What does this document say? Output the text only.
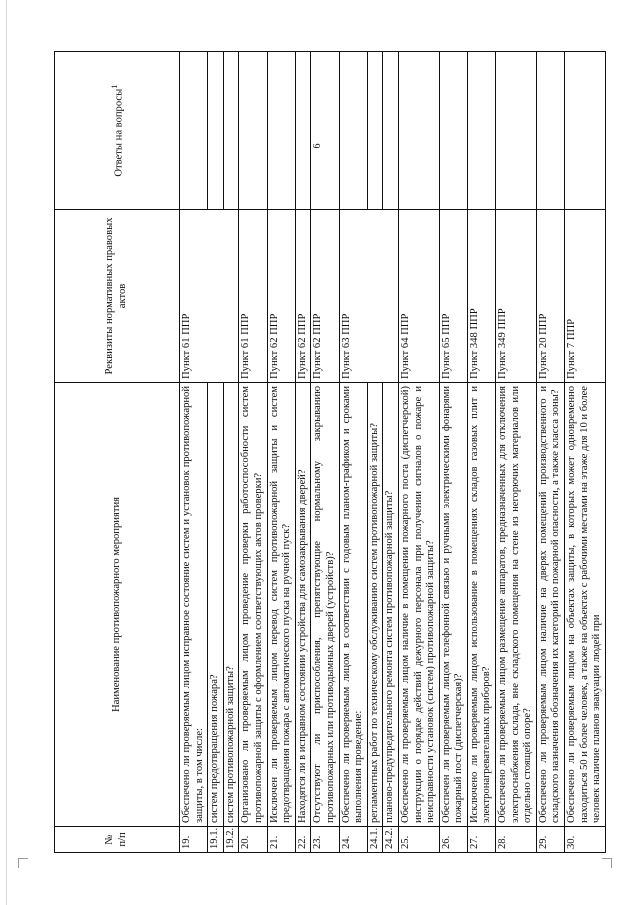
6
№ п/п	Наименование противопожарного мероприятия	Реквизиты нормативных правовых актов	Ответы на вопросы$^1$
19.	Обеспечено ли проверяемым лицом исправное состояние систем и установок противопожарной защиты, в том числе:	Пункт 61 ППР	
19.1.	систем предотвращения пожара?		
19.2.	систем противопожарной защиты?		
20.	Организовано ли проверяемым лицом проведение проверки работоспособности систем противопожарной защиты с оформлением соответствующих актов проверки?	Пункт 61 ППР	
21.	Исключен ли проверяемым лицом перевод систем противопожарной защиты и систем предотвращения пожара с автоматического пуска на ручной пуск?	Пункт 62 ППР	
22.	Находятся ли в исправном состоянии устройства для самозакрывания дверей?	Пункт 62 ППР	
23.	Отсутствуют ли приспособления, препятствующие нормальному закрыванию противопожарных или противодымных дверей (устройств)?	Пункт 62 ППР	
24.	Обеспечено ли проверяемым лицом в соответствии с годовым планом-графиком и сроками выполнения проведение:	Пункт 63 ППР	
24.1.	регламентных работ по техническому обслуживанию систем противопожарной защиты?		
24.2.	планово-предупредительного ремонта систем противопожарной защиты?		
25.	Обеспечено ли проверяемым лицом наличие в помещении пожарного поста (диспетчерской) инструкции о порядке действий дежурного персонала при получении сигналов о пожаре и неисправности установок (систем) противопожарной защиты?	Пункт 64 ППР	
26.	Обеспечен ли проверяемым лицом телефонной связью и ручными электрическими фонарями пожарный пост (диспетчерская)?	Пункт 65 ППР	
27.	Исключено ли проверяемым лицом использование в помещениях складов газовых плит и электронагревательных приборов?	Пункт 348 ППР	
28.	Обеспечено ли проверяемым лицом размещение аппаратов, предназначенных для отключения электроснабжения склада, вне складского помещения на стене из негорючих материалов или отдельно стоящей опоре?	Пункт 349 ППР	
29.	Обеспечено ли проверяемым лицом наличие на дверях помещений производственного и складского назначения обозначения их категорий по пожарной опасности, а также класса зоны?	Пункт 20 ППР	
30.	Обеспечено ли проверяемым лицом на объектах защиты, в которых может одновременно находиться 50 и более человек, а также на объектах с рабочими местами на этаже для 10 и более человек наличие планов эвакуации людей при	Пункт 7 ППР	
